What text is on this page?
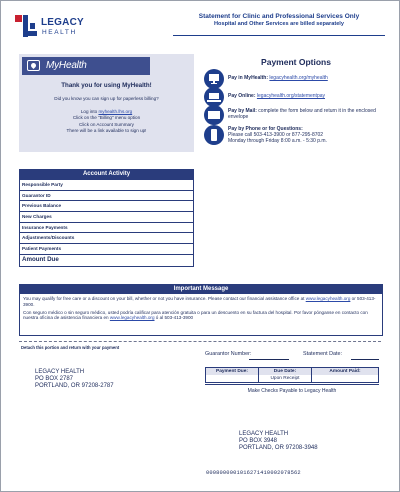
LEGACY
HEALTH
Statement for Clinic and Professional Services Only
Hospital and Other Services are billed separately
MyHealth
Thank you for using MyHealth!
Did you know you can sign up for paperless billing?
Log into myhealth.lhs.org
Click on the "Billing" menu option
Click on Account Summary
There will be a link available to sign up!
Payment Options
Pay in MyHealth: legacyhealth.org/myhealth
Pay Online: legacyhealth.org/statementpay
Pay by Mail: complete the form below and return it in the enclosed envelope
Pay by Phone or for Questions:
Please call 503-413-3900 or 877-295-8702
Monday through Friday 8:00 a.m. - 5:30 p.m.
Account Activity
Responsible Party
Guarantor ID
Previous Balance
New Charges
Insurance Payments
Adjustments/Discounts
Patient Payments
Amount Due
Important Message
You may qualify for free care or a discount on your bill, whether or not you have insurance. Please contact our financial assistance office at www.legacyhealth.org or 503-413-3900.
Con seguro médico o sin seguro médico, usted podría calificar para atención gratuita o para un descuento en su factura del hospital. Por favor pónganse en contacto con nuestra oficina de asistencia financiera en www.legacyhealth.org ó al 503-413-3900
Detach this portion and return with your payment
Guarantor Number:	Statement Date:
LEGACY HEALTH
PO BOX 2787
PORTLAND, OR 97208-2787
Payment Due:	Due Date:
Upon Receipt
Amount Paid:
Make Checks Payable to Legacy Health
LEGACY HEALTH
PO BOX 3948
PORTLAND, OR 97208-3948
000800000101627141000207856​2
